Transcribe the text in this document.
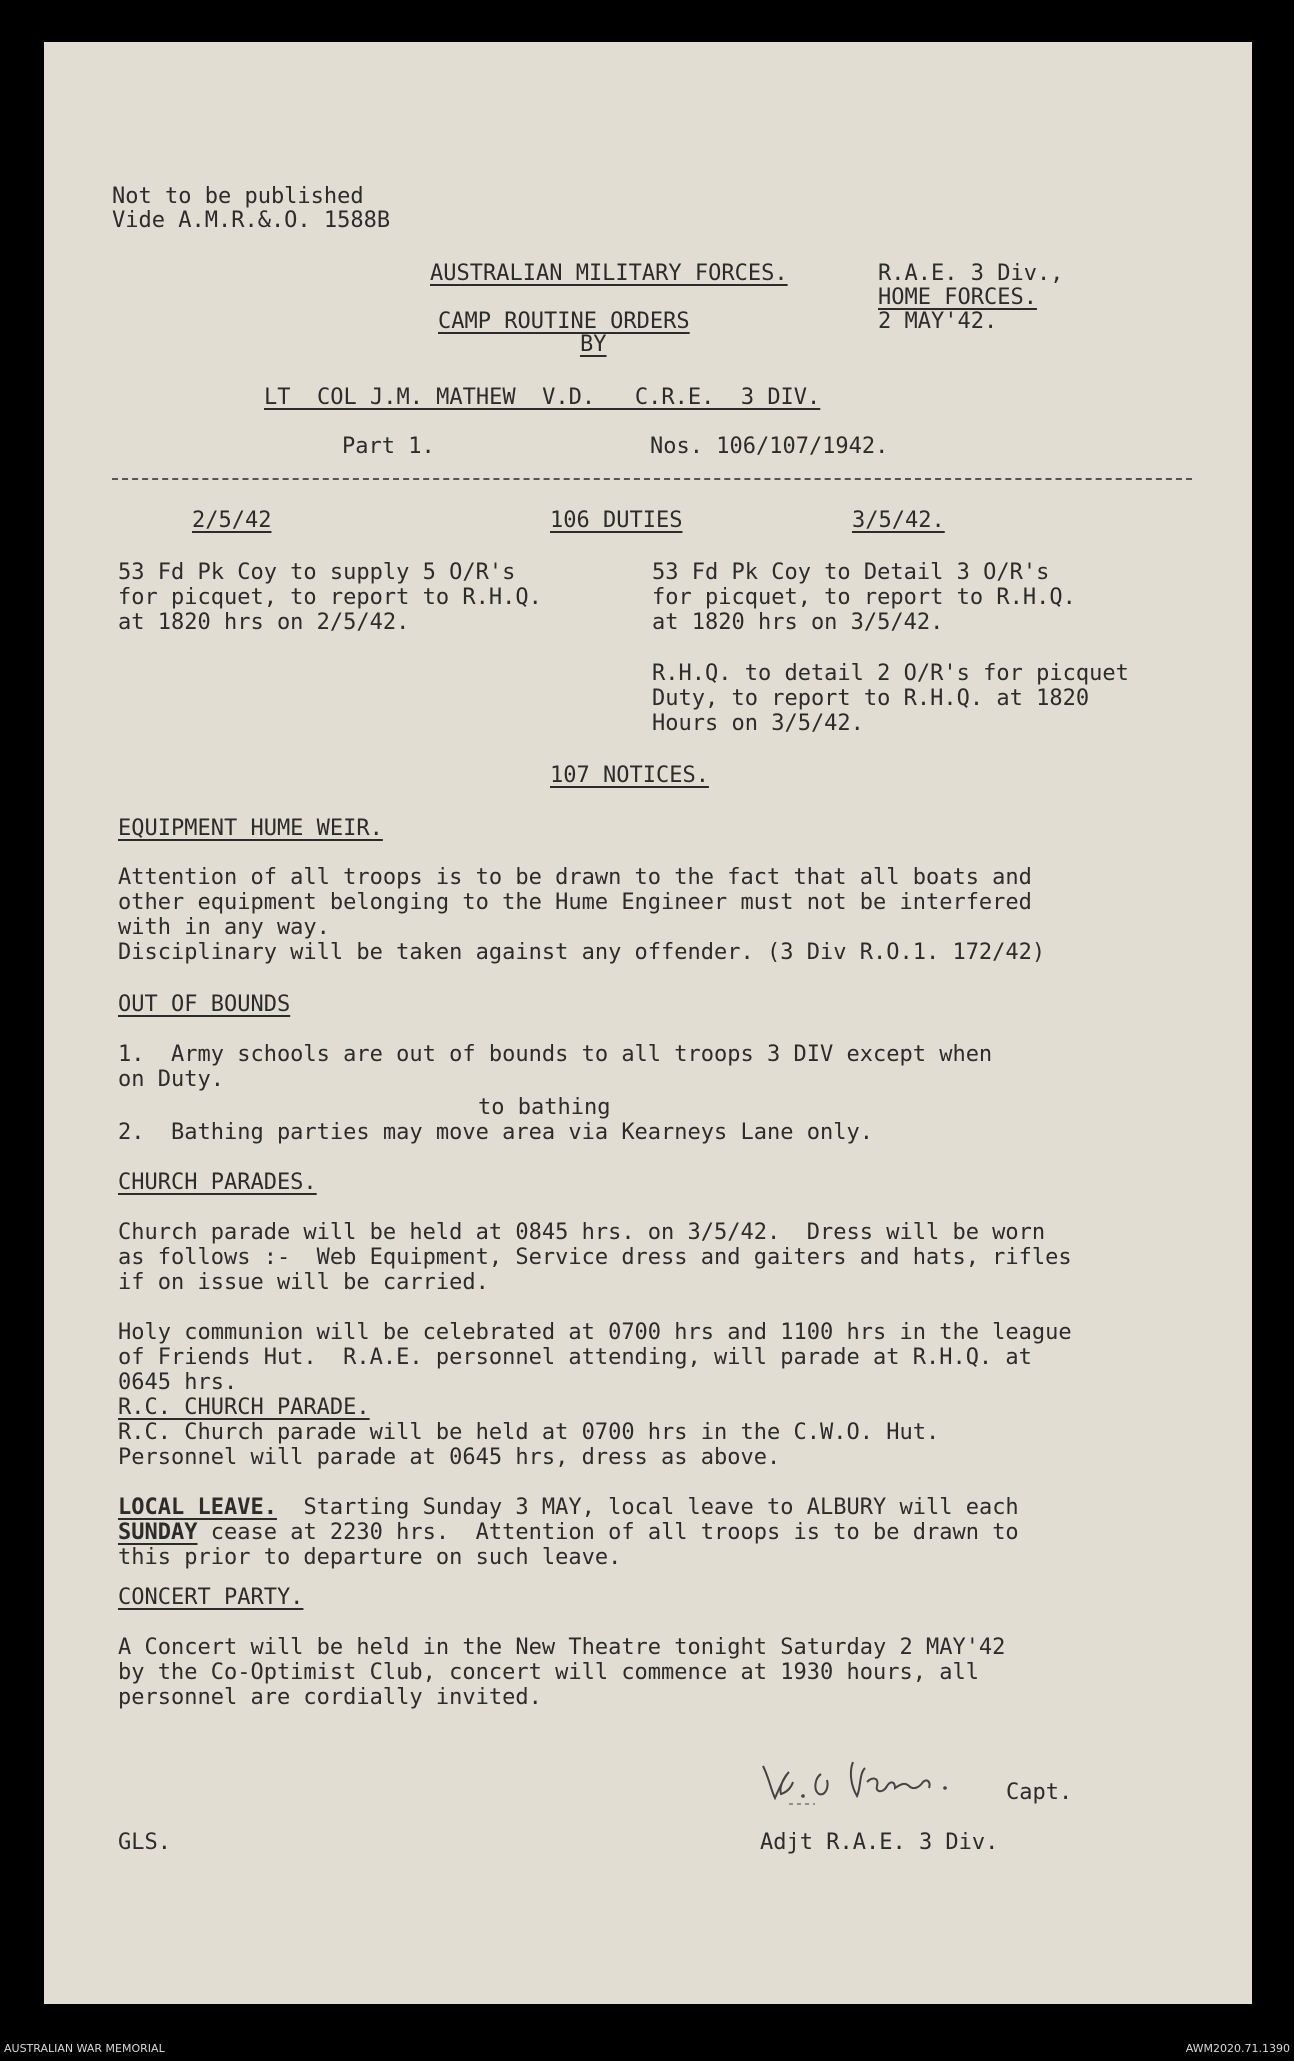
Not to be published
Vide A.M.R.&.O. 1588B
AUSTRALIAN MILITARY FORCES.	R.A.E. 3 Div.,
HOME FORCES.
CAMP ROUTINE ORDERS	2 MAY'42.
BY
LT  COL J.M. MATHEW  V.D.   C.R.E.  3 DIV.
Part 1.	Nos. 106/107/1942.
2/5/42	106 DUTIES	3/5/42.
53 Fd Pk Coy to supply 5 O/R's
for picquet, to report to R.H.Q.
at 1820 hrs on 2/5/42.
53 Fd Pk Coy to Detail 3 O/R's
for picquet, to report to R.H.Q.
at 1820 hrs on 3/5/42.
R.H.Q. to detail 2 O/R's for picquet
Duty, to report to R.H.Q. at 1820
Hours on 3/5/42.
107 NOTICES.
EQUIPMENT HUME WEIR.
Attention of all troops is to be drawn to the fact that all boats and
other equipment belonging to the Hume Engineer must not be interfered
with in any way.
Disciplinary will be taken against any offender. (3 Div R.O.1. 172/42)
OUT OF BOUNDS
1.  Army schools are out of bounds to all troops 3 DIV except when
on Duty.
to bathing
2.  Bathing parties may move area via Kearneys Lane only.
CHURCH PARADES.
Church parade will be held at 0845 hrs. on 3/5/42.  Dress will be worn
as follows :-  Web Equipment, Service dress and gaiters and hats, rifles
if on issue will be carried.
Holy communion will be celebrated at 0700 hrs and 1100 hrs in the league
of Friends Hut.  R.A.E. personnel attending, will parade at R.H.Q. at
0645 hrs.
R.C. CHURCH PARADE.
R.C. Church parade will be held at 0700 hrs in the C.W.O. Hut.
Personnel will parade at 0645 hrs, dress as above.
LOCAL LEAVE.  Starting Sunday 3 MAY, local leave to ALBURY will each
SUNDAY cease at 2230 hrs.  Attention of all troops is to be drawn to
this prior to departure on such leave.
CONCERT PARTY.
A Concert will be held in the New Theatre tonight Saturday 2 MAY'42
by the Co-Optimist Club, concert will commence at 1930 hours, all
personnel are cordially invited.
Capt.
GLS.	Adjt R.A.E. 3 Div.
AUSTRALIAN WAR MEMORIAL	AWM2020.71.1390
